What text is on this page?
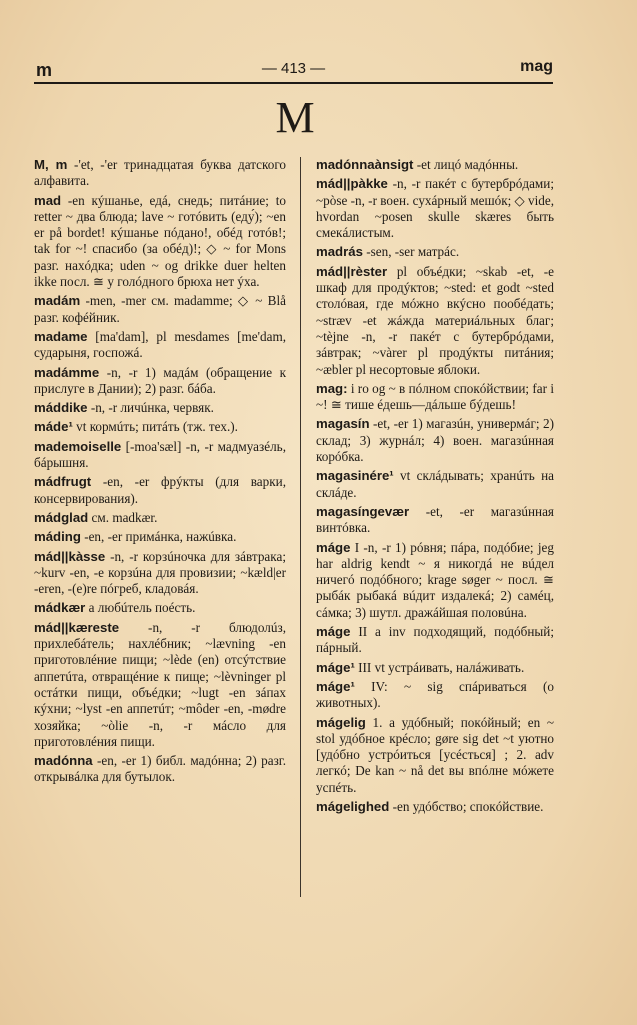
m	— 413 —	mag
M

M, m -'et, -'er тринадцатая буква датского алфавита.

mad -en кýшанье, едá, снедь; питáние; to retter ~ два блюда; lave ~ готóвить (еду́); ~en er på bordet! кýшанье пóдано!, обéд готóв!; tak for ~! спасибо (за обéд)!; ◇ ~ for Mons разг. нахóдка; uden ~ og drikke duer helten ikke посл. ≅ у голóдного брюха нет ýха.

madám -men, -mer см. madamme; ◇ ~ Blå разг. кофéйник.

madame [ma'dam], pl mesdames [me'dam, сударыня, госпожá.

madámme -n, -r 1) мадáм (обращение к прислуге в Дании); 2) разг. бáба.

máddike -n, -r личúнка, червяк.

máde¹ vt кормúть; питáть (тж. тех.).

mademoiselle [-moa'sæl] -n, -r мадмуазéль, бáрышня.

mádfrugt -en, -er фрýкты (для варки, консервирования).

mádglad см. madkær.

máding -en, -er примáнка, нажúвка.

mád||kàsse -n, -r корзúночка для зáвтрака; ~kurv -en, -e корзúна для провизии; ~kæld|er -eren, -(e)re пóгреб, кладовáя.

mádkær a любúтель поéсть.

mád||kæreste -n, -r блюдолúз, прихлебáтель; нахлéбник; ~lævning -en приготовлéние пищи; ~lède (en) отсýтствие аппетúта, отвращéние к пище; ~lèvninger pl остáтки пищи, объéдки; ~lugt -en зáпах кýхни; ~lyst -en аппетúт; ~môder -en, -mødre хозяйка; ~òlie -n, -r мáсло для приготовлéния пищи.

madónna -en, -er 1) библ. мадóнна; 2) разг. открывáлка для бутылок.

madónnaànsigt -et лицó мадóнны.

mád||pàkke -n, -r пакéт с бутербрóдами; ~pòse -n, -r воен. сухáрный мешóк; ◇ vide, hvordan ~posen skulle skæres быть смекáлистым.

madrás -sen, -ser матрáс.

mád||rèster pl объéдки; ~skab -et, -e шкаф для продýктов; ~sted: et godt ~sted столóвая, где мóжно вкýсно пообéдать; ~stræv -et жáжда материáльных благ; ~tèjne -n, -r пакéт с бутербрóдами, зáвтрак; ~vàrer pl продýкты питáния; ~æbler pl несортовые яблоки.

mag: i ro og ~ в пóлном спокóйствии; far i ~! ≅ тише éдешь—дáльше бýдешь!

magasín -et, -er 1) магазúн, универмáг; 2) склад; 3) журнáл; 4) воен. магазúнная корóбка.

magasinére¹ vt склáдывать; хранúть на склáде.

magasíngevær -et, -er магазúнная винтóвка.

máge I -n, -r 1) рóвня; пáра, подóбие; jeg har aldrig kendt ~ я никогдá не вúдел ничегó подóбного; krage søger ~ посл. ≅ рыбáк рыбакá вúдит издалекá; 2) самéц, сáмка; 3) шутл. дражáйшая половúна.

máge II a inv подходящий, подóбный; пáрный.

máge¹ III vt устрáивать, налáживать.

máge¹ IV: ~ sig спáриваться (о животных).

mágelig 1. a удóбный; покóйный; en ~ stol удóбное крéсло; gøre sig det ~t уютно [удóбно устрóиться [усéсться] ; 2. adv легкó; De kan ~ nå det вы впóлне мóжете успéть.

mágelighed -en удóбство; спокóйствие.
